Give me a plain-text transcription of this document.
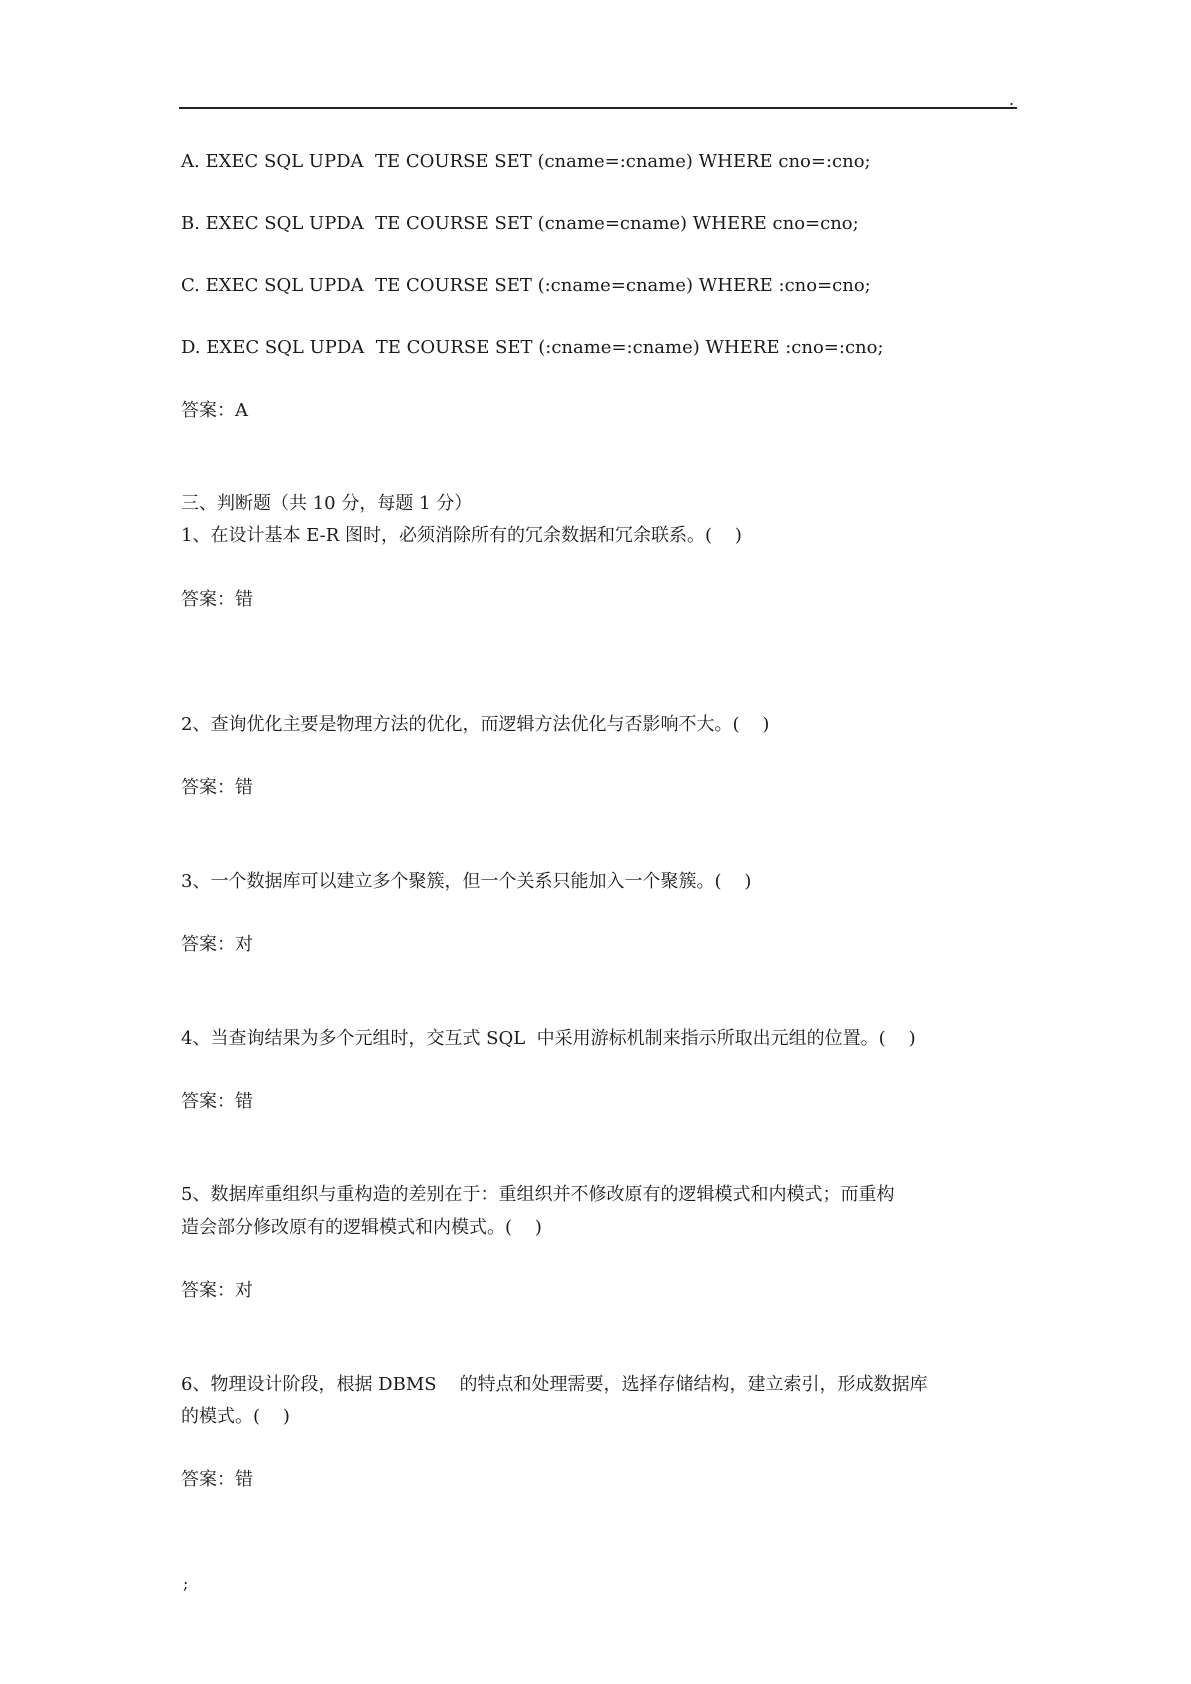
.
A. EXEC SQL UPDA  TE COURSE SET (cname=:cname) WHERE cno=:cno;
B. EXEC SQL UPDA  TE COURSE SET (cname=cname) WHERE cno=cno;
C. EXEC SQL UPDA  TE COURSE SET (:cname=cname) WHERE :cno=cno;
D. EXEC SQL UPDA  TE COURSE SET (:cname=:cname) WHERE :cno=:cno;
答案：A
三、判断题（共 10 分，每题 1 分）
1、在设计基本 E-R 图时，必须消除所有的冗余数据和冗余联系。(    )
答案：错
2、查询优化主要是物理方法的优化，而逻辑方法优化与否影响不大。(    )
答案：错
3、一个数据库可以建立多个聚簇，但一个关系只能加入一个聚簇。(    )
答案：对
4、当查询结果为多个元组时，交互式 SQL  中采用游标机制来指示所取出元组的位置。(    )
答案：错
5、数据库重组织与重构造的差别在于：重组织并不修改原有的逻辑模式和内模式；而重构
造会部分修改原有的逻辑模式和内模式。(    )
答案：对
6、物理设计阶段，根据 DBMS    的特点和处理需要，选择存储结构，建立索引，形成数据库
的模式。(    )
答案：错
;
